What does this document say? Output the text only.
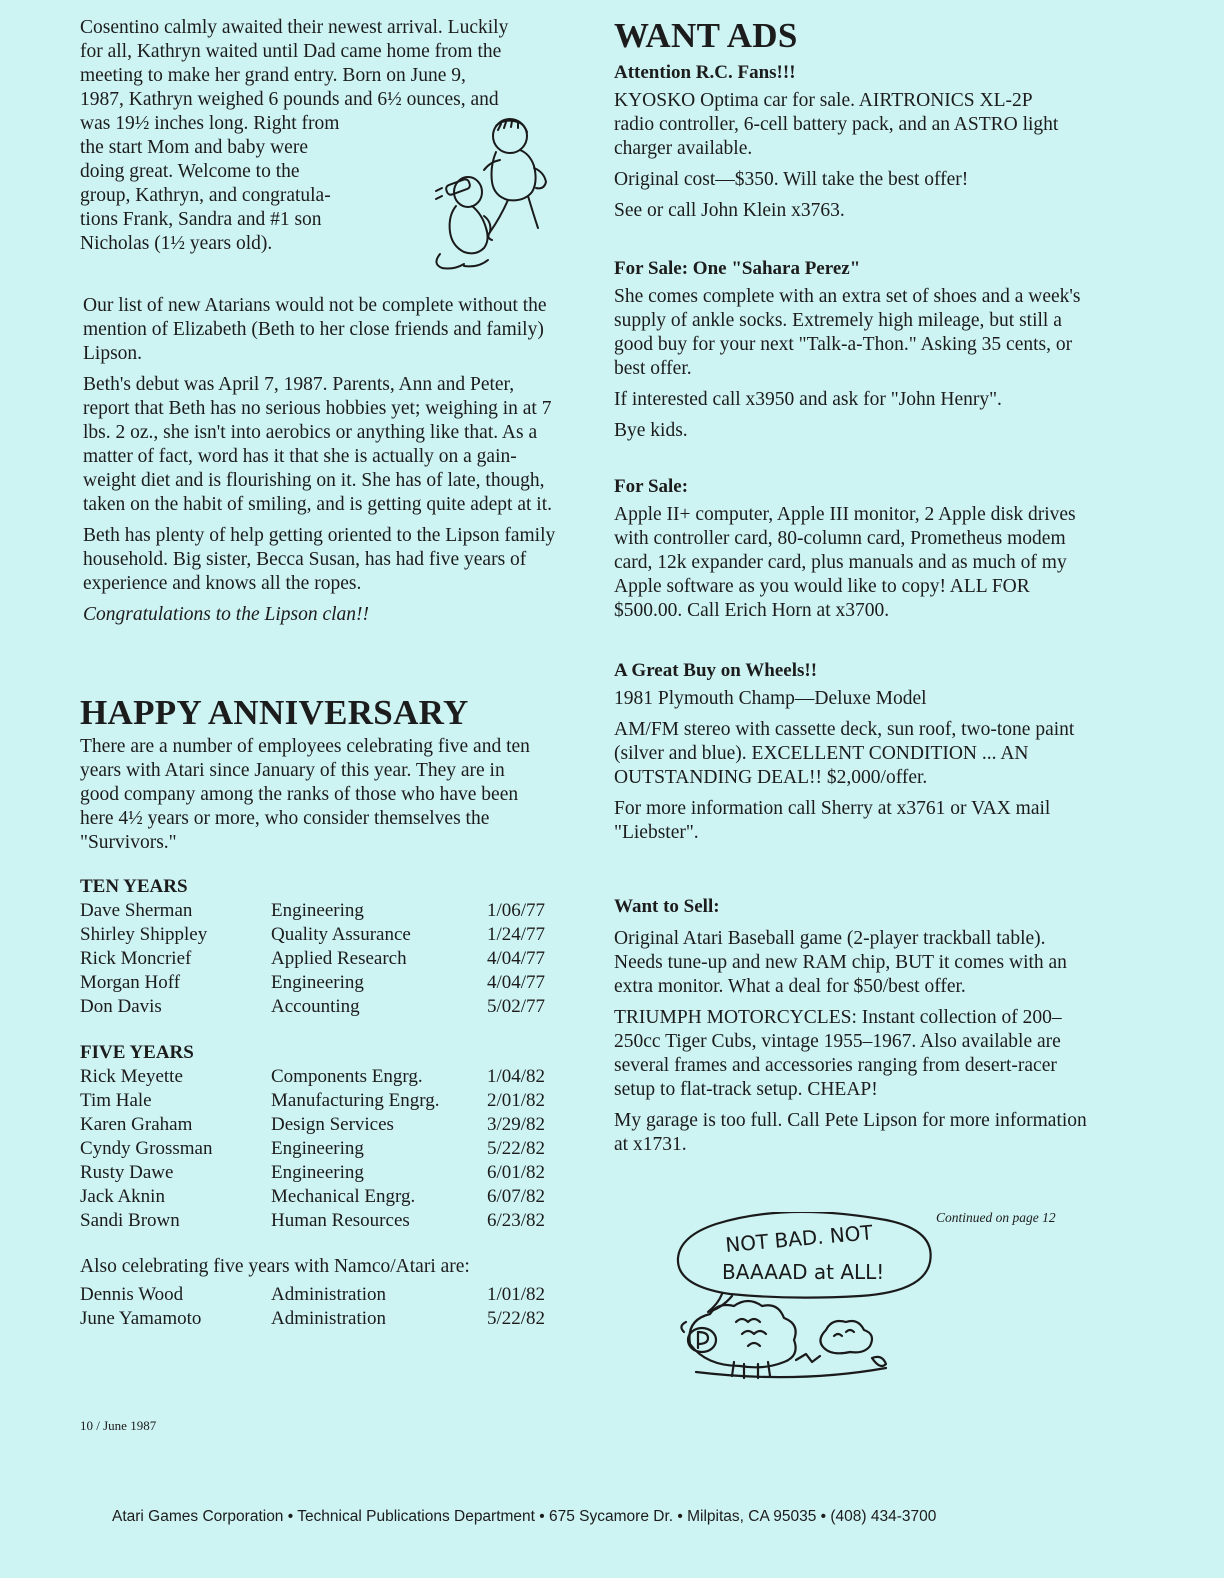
Cosentino calmly awaited their newest arrival. Luckily
for all, Kathryn waited until Dad came home from the
meeting to make her grand entry. Born on June 9,
1987, Kathryn weighed 6 pounds and 6½ ounces, and
was 19½ inches long. Right from
the start Mom and baby were
doing great. Welcome to the
group, Kathryn, and congratula-
tions Frank, Sandra and #1 son
Nicholas (1½ years old).

Our list of new Atarians would not be complete without the mention of Elizabeth (Beth to her close friends and family) Lipson.

Beth's debut was April 7, 1987. Parents, Ann and Peter, report that Beth has no serious hobbies yet; weighing in at 7 lbs. 2 oz., she isn't into aerobics or anything like that. As a matter of fact, word has it that she is actually on a gain-weight diet and is flourishing on it. She has of late, though, taken on the habit of smiling, and is getting quite adept at it.

Beth has plenty of help getting oriented to the Lipson family household. Big sister, Becca Susan, has had five years of experience and knows all the ropes.

Congratulations to the Lipson clan!!

HAPPY ANNIVERSARY

There are a number of employees celebrating five and ten years with Atari since January of this year. They are in good company among the ranks of those who have been here 4½ years or more, who consider themselves the "Survivors."

TEN YEARS
Dave Sherman	Engineering	1/06/77
Shirley Shippley	Quality Assurance	1/24/77
Rick Moncrief	Applied Research	4/04/77
Morgan Hoff	Engineering	4/04/77
Don Davis	Accounting	5/02/77
FIVE YEARS
Rick Meyette	Components Engrg.	1/04/82
Tim Hale	Manufacturing Engrg.	2/01/82
Karen Graham	Design Services	3/29/82
Cyndy Grossman	Engineering	5/22/82
Rusty Dawe	Engineering	6/01/82
Jack Aknin	Mechanical Engrg.	6/07/82
Sandi Brown	Human Resources	6/23/82

Also celebrating five years with Namco/Atari are:

Dennis Wood	Administration	1/01/82
June Yamamoto	Administration	5/22/82
WANT ADS
Attention R.C. Fans!!!

KYOSKO Optima car for sale. AIRTRONICS XL-2P radio controller, 6-cell battery pack, and an ASTRO light charger available.

Original cost—$350. Will take the best offer!

See or call John Klein x3763.

For Sale: One "Sahara Perez"

She comes complete with an extra set of shoes and a week's supply of ankle socks. Extremely high mileage, but still a good buy for your next "Talk-a-Thon." Asking 35 cents, or best offer.

If interested call x3950 and ask for "John Henry".

Bye kids.

For Sale:

Apple II+ computer, Apple III monitor, 2 Apple disk drives with controller card, 80-column card, Prometheus modem card, 12k expander card, plus manuals and as much of my Apple software as you would like to copy! ALL FOR $500.00. Call Erich Horn at x3700.

A Great Buy on Wheels!!

1981 Plymouth Champ—Deluxe Model

AM/FM stereo with cassette deck, sun roof, two-tone paint (silver and blue). EXCELLENT CONDITION ... AN OUTSTANDING DEAL!! $2,000/offer.

For more information call Sherry at x3761 or VAX mail "Liebster".

Want to Sell:

Original Atari Baseball game (2-player trackball table). Needs tune-up and new RAM chip, BUT it comes with an extra monitor. What a deal for $50/best offer.

TRIUMPH MOTORCYCLES: Instant collection of 200–250cc Tiger Cubs, vintage 1955–1967. Also available are several frames and accessories ranging from desert-racer setup to flat-track setup. CHEAP!

My garage is too full. Call Pete Lipson for more information at x1731.

Continued on page 12
NOT BAD. NOT
BAAAAD at ALL!
10 / June 1987
Atari Games Corporation • Technical Publications Department • 675 Sycamore Dr. • Milpitas, CA 95035 • (408) 434-3700
